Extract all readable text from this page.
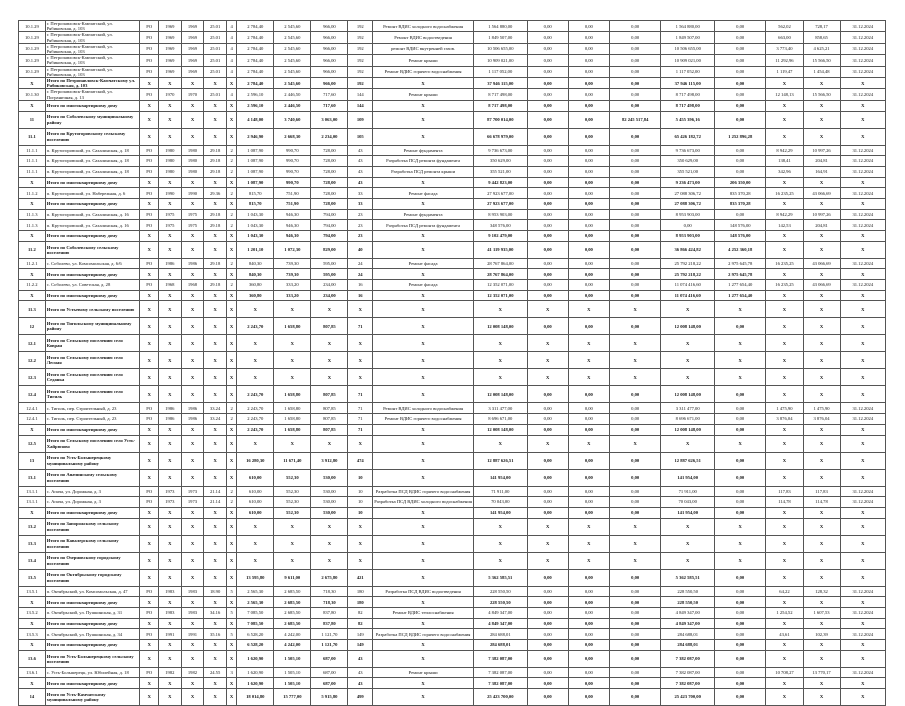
10.1.29	г. Петропавловск-Камчатский, ул. Рябиковская, д. 103	РО	1969	1969	25.01	4	2 784,40	2 545,60	966,00	192	Ремонт ВДИС холодного водоснабжения	1 564 880,00	0,00	0,00	0,00	1 564 880,00	0,00	562,02	728,17	31.12.2024
10.1.29	г. Петропавловск-Камчатский, ул. Рябиковская, д. 103	РО	1969	1969	25.01	4	2 784,40	2 545,60	966,00	192	Ремонт ВДИС водоотведения	1 849 507,00	0,00	0,00	0,00	1 849 507,00	0,00	663,00	858,65	31.12.2024
10.1.29	г. Петропавловск-Камчатский, ул. Рябиковская, д. 103	РО	1969	1969	25.01	4	2 784,40	2 545,60	966,00	192	ремонт ВДИС внутренней газов.	10 506 655,00	0,00	0,00	0,00	10 506 655,00	0,00	3 773,40	4 625,21	31.12.2024
10.1.29	г. Петропавловск-Камчатский, ул. Рябиковская, д. 103	РО	1969	1969	25.01	4	2 784,40	2 545,60	966,00	192	Ремонт крыши	10 909 021,00	0,00	0,00	0,00	10 909 021,00	0,00	11 292,96	15 566,50	31.12.2024
10.1.29	г. Петропавловск-Камчатский, ул. Рябиковская, д. 103	РО	1969	1969	25.01	4	2 784,40	2 545,60	966,00	192	Ремонт ВДИС горячего водоснабжения	1 117 052,00	0,00	0,00	0,00	1 117 052,00	0,00	1 119,47	1 454,48	31.12.2024
X	Итого по Петропавловск-Камчатскому ул. Рябиковская, д. 103	X	X	X	X	X	2 784,40	2 545,60	966,00	192	X	37 946 115,00	0,00	0,00	0,00	37 946 115,00	0,00	X	X	X
10.1.30	г. Петропавловск-Камчатский, ул. Пограничная, д. 13	РО	1970	1970	25.01	4	2 596,10	2 446,50	717,60	144	Ремонт крыши	8 717 498,00	0,00	0,00	0,00	8 717 498,00	0,00	12 148,13	15 566,50	31.12.2024
X	Итого по многоквартирному дому	X	X	X	X	X	2 596,10	2 446,50	717,60	144	X	8 717 498,00	0,00	0,00	0,00	8 717 498,00	0,00	X	X	X
11	Итого по Соболевскому муниципальному району	X	X	X	X	X	4 148,00	3 740,60	3 063,00	109	X	87 700 014,00	0,00	0,00	82 245 517,84	5 455 396,16	0,00	X	X	X
11.1	Итого по Крутогоровскому сельскому поселению	X	X	X	X	X	2 946,90	2 668,30	2 234,00	105	X	66 678 979,00	0,00	0,00	0,00	65 426 182,72	1 252 896,28	X	X	X
11.1.1	п. Крутогоровский, ул. Сахалинская, д. 18	РО	1980	1980	29.18	2	1 087,90	990,70	728,00	43	Ремонт фундамента	9 736 673,00	0,00	0,00	0,00	9 736 673,00	0,00	8 942,29	10 997,26	31.12.2024
11.1.1	п. Крутогоровский, ул. Сахалинская, д. 18	РО	1980	1980	29.18	2	1 087,90	990,70	728,00	43	Разработка ПСД ремонта фундамента	350 629,00	0,00	0,00	0,00	350 629,00	0,00	138,41	204,81	31.12.2024
11.1.1	п. Крутогоровский, ул. Сахалинская, д. 18	РО	1980	1980	29.18	2	1 087,90	990,70	728,00	43	Разработка ПСД ремонта крыши	355 521,00	0,00	0,00	0,00	355 521,00	0,00	342,96	164,91	31.12.2024
X	Итого по многоквартирному дому	X	X	X	X	X	1 087,90	990,70	728,00	43	X	9 442 823,00	0,00	0,00	0,00	9 236 473,00	206 350,00	X	X	X
11.1.2	п. Крутогоровский, ул. Набережная, д. 6	РО	1990	1990	29.36	2	815,70	751,90	728,00	33	Ремонт фасада	27 923 677,00	0,00	0,00	0,00	27 088 306,72	835 370,28	16 235,25	43 066,69	31.12.2024
X	Итого по многоквартирному дому	X	X	X	X	X	815,70	751,90	728,00	33	X	27 923 677,00	0,00	0,00	0,00	27 088 306,72	835 370,28	X	X	X
11.1.3	п. Крутогоровский, ул. Сахалинская, д. 16	РО	1975	1975	29.18	2	1 043,30	946,30	794,00	23	Ремонт фундамента	8 953 903,00	0,00	0,00	0,00	8 953 903,00	0,00	8 942,29	10 997,26	31.12.2024
11.1.3	п. Крутогоровский, ул. Сахалинская, д. 16	РО	1975	1975	29.18	2	1 043,30	946,30	794,00	23	Разработка ПСД ремонта фундамента	348 576,00	0,00	0,00	0,00	0,00	148 576,00	142,53	204,81	31.12.2024
X	Итого по многоквартирному дому	X	X	X	X	X	1 043,30	946,30	794,00	23	X	9 102 479,00	0,00	0,00	0,00	8 953 903,00	148 576,00	X	X	X
11.2	Итого по Соболевскому сельскому поселению	X	X	X	X	X	1 201,10	1 072,30	829,00	40	X	41 119 935,00	0,00	0,00	0,00	36 866 424,82	4 252 360,18	X	X	X
11.2.1	с. Соболево, ул. Комсомольская, д. 6/6	РО	1986	1986	29.18	2	840,30	739,30	595,00	24	Ремонт фасада	28 767 864,00	0,00	0,00	0,00	25 792 218,22	2 975 645,78	16 235,25	43 066,69	31.12.2024
X	Итого по многоквартирному дому	X	X	X	X	X	840,30	739,30	595,00	24	X	28 767 864,00	0,00	0,00	0,00	25 792 218,22	2 975 645,78	X	X	X
11.2.2	с. Соболево, ул. Советская, д. 28	РО	1968	1968	29.18	2	360,80	333,20	234,00	16	Ремонт фасада	12 352 071,00	0,00	0,00	0,00	11 074 416,60	1 277 654,40	16 235,25	43 066,69	31.12.2024
X	Итого по многоквартирному дому	X	X	X	X	X	360,80	333,20	234,00	16	X	12 352 071,00	0,00	0,00	0,00	11 074 416,60	1 277 654,40	X	X	X
11.3	Итого по Устьевому сельскому поселению	X	X	X	X	X	X	X	X	X	X	X	X	X	X	X	X	X	X	X
12	Итого по Тигильскому муниципальному району	X	X	X	X	X	2 243,70	1 658,80	807,85	71	X	12 008 148,00	0,00	0,00	0,00	12 008 148,00	0,00	X	X	X
12.1	Итого по Сельскому поселению село Ковран	X	X	X	X	X	X	X	X	X	X	X	X	X	X	X	X	X	X	X
12.2	Итого по Сельскому поселению село Лесная	X	X	X	X	X	X	X	X	X	X	X	X	X	X	X	X	X	X	X
12.3	Итого по Сельскому поселению село Седанка	X	X	X	X	X	X	X	X	X	X	X	X	X	X	X	X	X	X	X
12.4	Итого по Сельскому поселению село Тигиль	X	X	X	X	X	2 243,70	1 658,80	807,85	71	X	12 008 148,00	0,00	0,00	0,00	12 008 148,00	0,00	X	X	X
12.4.1	с. Тигиль, пер. Строительный, д. 23	РО	1986	1986	33.24	2	2 243,70	1 658,80	807,85	71	Ремонт ВДИС холодного водоснабжения	3 311 477,00	0,00	0,00	0,00	3 311 477,00	0,00	1 475,90	1 475,90	31.12.2024
12.4.1	с. Тигиль, пер. Строительный, д. 23	РО	1986	1986	33.24	2	2 243,70	1 658,80	807,85	71	Ремонт ВДИС горячего водоснабжения	8 696 671,00	0,00	0,00	0,00	8 696 671,00	0,00	3 876,04	3 876,04	31.12.2024
X	Итого по многоквартирному дому	X	X	X	X	X	2 243,70	1 658,80	807,85	71	X	12 008 148,00	0,00	0,00	0,00	12 008 148,00	0,00	X	X	X
12.5	Итого по Сельскому поселению село Усть-Хайрюзово	X	X	X	X	X	X	X	X	X	X	X	X	X	X	X	X	X	X	X
13	Итого по Усть-Большерецкому муниципальному району	X	X	X	X	X	16 280,30	11 671,40	3 912,80	474	X	12 887 626,51	0,00	0,00	0,00	12 887 626,51	0,00	X	X	X
13.1	Итого по Апачинскому сельскому поселению	X	X	X	X	X	610,00	552,30	530,00	10	X	141 954,00	0,00	0,00	0,00	141 954,00	0,00	X	X	X
13.1.1	с. Апача, ул. Дорожная, д. 3	РО	1973	1973	21.14	2	610,00	552,30	530,00	10	Разработка ПСД ВДИС горячего водоснабжения	71 911,00	0,00	0,00	0,00	71 911,00	0,00	117,83	117,83	31.12.2024
13.1.1	с. Апача, ул. Дорожная, д. 3	РО	1973	1973	21.14	2	610,00	552,30	530,00	10	Разработка ПСД ВДИС холодного водоснабжения	70 043,00	0,00	0,00	0,00	70 043,00	0,00	114,78	114,78	31.12.2024
X	Итого по многоквартирному дому	X	X	X	X	X	610,00	552,30	530,00	10	X	141 954,00	0,00	0,00	0,00	141 954,00	0,00	X	X	X
13.2	Итого по Запорожскому сельскому поселению	X	X	X	X	X	X	X	X	X	X	X	X	X	X	X	X	X	X	X
13.3	Итого по Кавалерскому сельскому поселению	X	X	X	X	X	X	X	X	X	X	X	X	X	X	X	X	X	X	X
13.4	Итого по Озерновскому городскому поселению	X	X	X	X	X	X	X	X	X	X	X	X	X	X	X	X	X	X	X
13.5	Итого по Октябрьскому городскому поселению	X	X	X	X	X	13 595,80	9 611,00	2 675,80	421	X	5 362 585,51	0,00	0,00	0,00	5 362 585,51	0,00	X	X	X
13.5.1	п. Октябрьский, ул. Комсомольская, д. 47	РО	1983	1983	18.90	5	2 565,30	2 685,50	718,30	180	Разработка ПСД ВДИС водоотведения	228 550,50	0,00	0,00	0,00	228 550,50	0,00	64,22	128,32	31.12.2024
X	Итого по многоквартирному дому	X	X	X	X	X	2 565,30	2 685,50	718,30	180	X	228 550,50	0,00	0,00	0,00	228 550,50	0,00	X	X	X
13.5.2	п. Октябрьский, ул. Пушкинская, д. 31	РО	1983	1983	34.16	5	7 085,50	2 685,50	837,80	82	Ремонт ВДИС теплоснабжения	4 849 347,00	0,00	0,00	0,00	4 849 347,00	0,00	1 254,52	1 607,53	31.12.2024
X	Итого по многоквартирному дому	X	X	X	X	X	7 085,50	2 685,50	837,80	82	X	4 849 347,00	0,00	0,00	0,00	4 849 347,00	0,00	X	X	X
13.5.3	п. Октябрьский, ул. Пушкинская, д. 34	РО	1991	1991	35.16	5	6 528,20	4 242,00	1 121,70	149	Разработка ПСД ВДИС горячего водоснабжения	284 688,01	0,00	0,00	0,00	284 688,01	0,00	43,61	102,39	31.12.2024
X	Итого по многоквартирному дому	X	X	X	X	X	6 528,20	4 242,00	1 121,70	149	X	284 688,01	0,00	0,00	0,00	284 688,01	0,00	X	X	X
13.6	Итого по Усть-Большерецкому сельскому поселению	X	X	X	X	X	1 620,90	1 505,10	687,00	43	X	7 382 087,00	0,00	0,00	0,00	7 382 087,00	0,00	X	X	X
13.6.1	с. Усть-Большерецк, ул. Юбилейная, д. 18	РО	1982	1982	24.55	3	1 620,90	1 505,10	687,00	43	Ремонт крыши	7 382 087,00	0,00	0,00	0,00	7 382 087,00	0,00	10 708,27	13 770,17	31.12.2024
X	Итого по многоквартирному дому	X	X	X	X	X	1 620,90	1 505,10	687,00	43	X	7 382 087,00	0,00	0,00	0,00	7 382 087,00	0,00	X	X	X
14	Итого по Усть-Камчатскому муниципальному району	X	X	X	X	X	18 014,80	15 777,00	5 915,80	499	X	25 423 700,00	0,00	0,00	0,00	25 423 700,00	0,00	X	X	X
